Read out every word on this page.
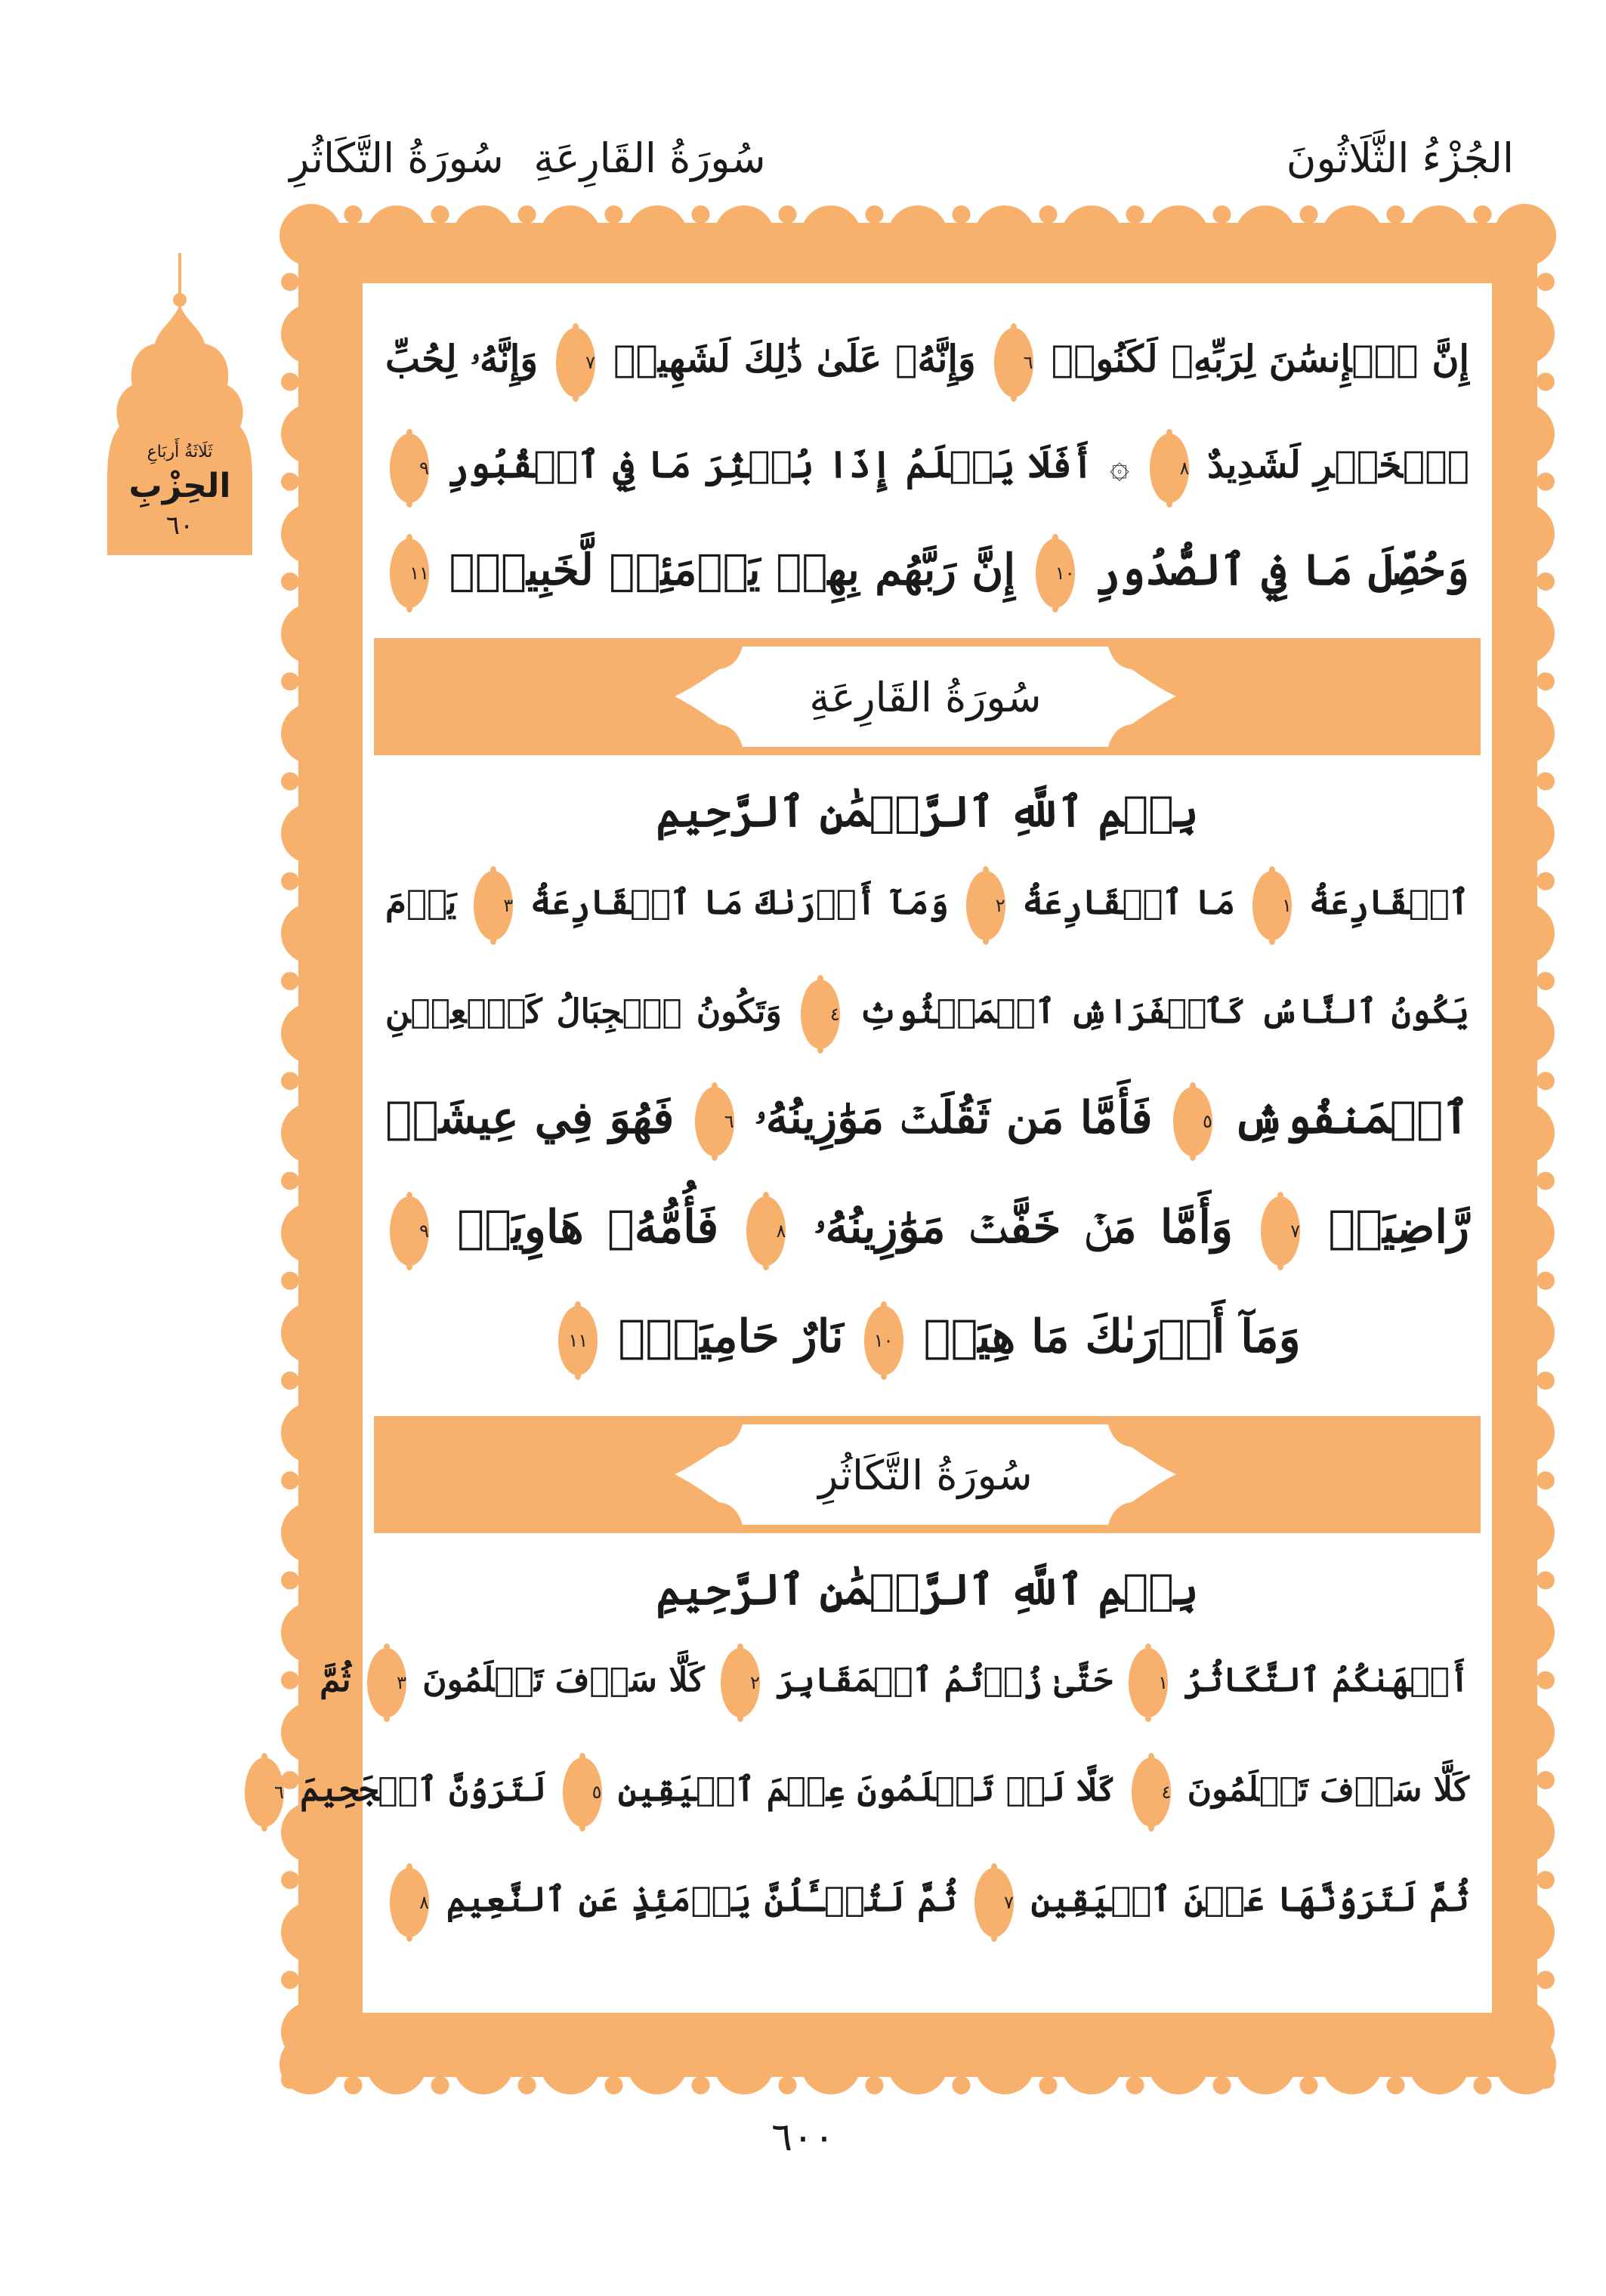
الجُزْءُ الثَّلَاثُونَ
سُورَةُ القَارِعَةِ
سُورَةُ التَّكَاثُرِ
ثَلَاثَةُ أَربَاعِ
الحِزْبِ
٦٠
إِنَّ ٱلۡإِنسَٰنَ لِرَبِّهِۦ لَكَنُودٞ ٦ وَإِنَّهُۥ عَلَىٰ ذَٰلِكَ لَشَهِيدٞ ٧ وَإِنَّهُۥ لِحُبِّ
ٱلۡخَيۡرِ لَشَدِيدٌ ٨ ۞ أَفَلَا يَعۡلَمُ إِذَا بُعۡثِرَ مَا فِي ٱلۡقُبُورِ ٩
وَحُصِّلَ مَا فِي ٱلصُّدُورِ ١٠ إِنَّ رَبَّهُم بِهِمۡ يَوۡمَئِذٖ لَّخَبِيرُۢ ١١
سُورَةُ القَارِعَةِ
بِسۡمِ ٱللَّهِ ٱلرَّحۡمَٰنِ ٱلرَّحِيمِ
ٱلۡقَارِعَةُ ١ مَا ٱلۡقَارِعَةُ ٢ وَمَآ أَدۡرَىٰكَ مَا ٱلۡقَارِعَةُ ٣ يَوۡمَ
يَكُونُ ٱلنَّاسُ كَٱلۡفَرَاشِ ٱلۡمَبۡثُوثِ ٤ وَتَكُونُ ٱلۡجِبَالُ كَٱلۡعِهۡنِ
ٱلۡمَنفُوشِ ٥ فَأَمَّا مَن ثَقُلَتۡ مَوَٰزِينُهُۥ ٦ فَهُوَ فِي عِيشَةٖ
رَّاضِيَةٖ ٧ وَأَمَّا مَنۡ خَفَّتۡ مَوَٰزِينُهُۥ ٨ فَأُمُّهُۥ هَاوِيَةٞ ٩
وَمَآ أَدۡرَىٰكَ مَا هِيَهۡ ١٠ نَارٌ حَامِيَةُۢ ١١
سُورَةُ التَّكَاثُرِ
بِسۡمِ ٱللَّهِ ٱلرَّحۡمَٰنِ ٱلرَّحِيمِ
أَلۡهَىٰكُمُ ٱلتَّكَاثُرُ ١ حَتَّىٰ زُرۡتُمُ ٱلۡمَقَابِرَ ٢ كَلَّا سَوۡفَ تَعۡلَمُونَ ٣ ثُمَّ
كَلَّا سَوۡفَ تَعۡلَمُونَ ٤ كَلَّا لَوۡ تَعۡلَمُونَ عِلۡمَ ٱلۡيَقِينِ ٥ لَتَرَوُنَّ ٱلۡجَحِيمَ ٦
ثُمَّ لَتَرَوُنَّهَا عَيۡنَ ٱلۡيَقِينِ ٧ ثُمَّ لَتُسۡـَٔلُنَّ يَوۡمَئِذٍ عَنِ ٱلنَّعِيمِ ٨
٦٠٠
